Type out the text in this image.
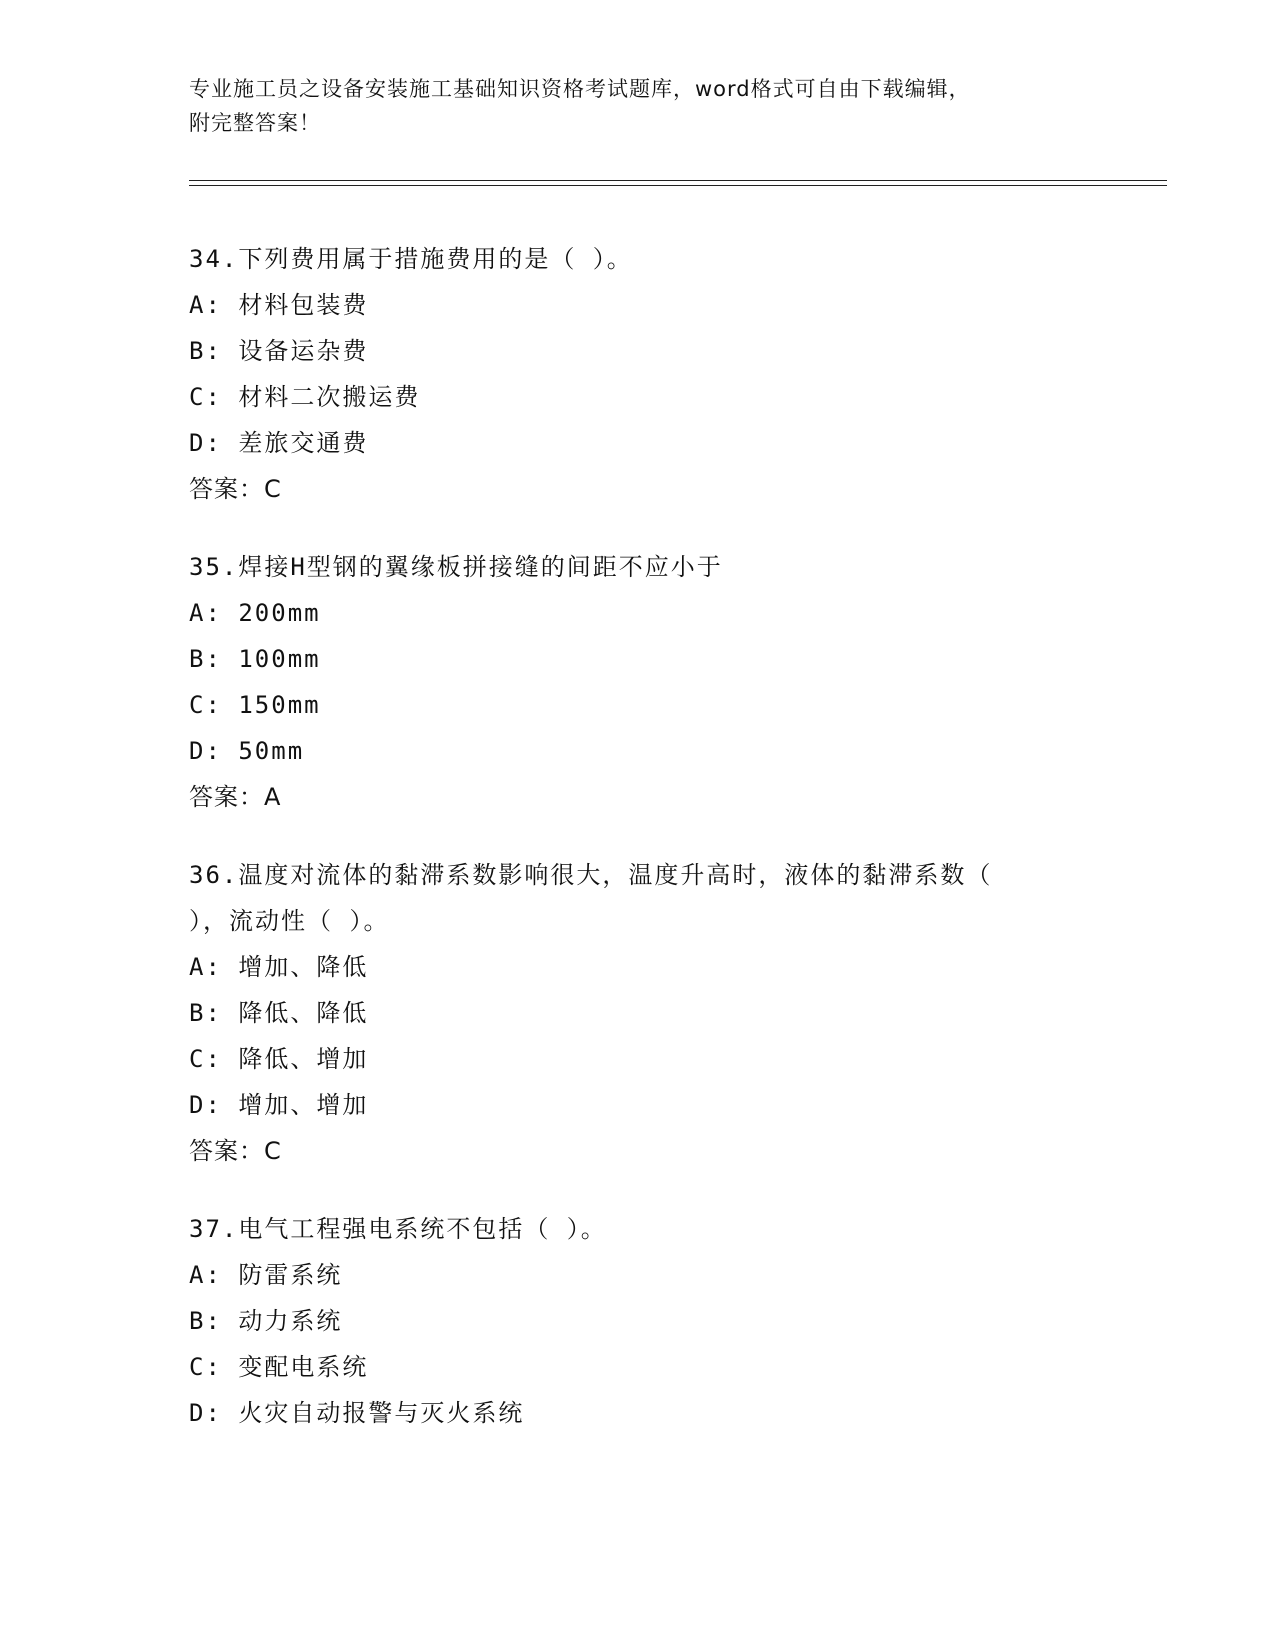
专业施工员之设备安装施工基础知识资格考试题库，word格式可自由下载编辑，
附完整答案！
34.下列费用属于措施费用的是（ ）。
A: 材料包装费
B: 设备运杂费
C: 材料二次搬运费
D: 差旅交通费
答案：C
35.焊接H型钢的翼缘板拼接缝的间距不应小于
A: 200mm
B: 100mm
C: 150mm
D: 50mm
答案：A
36.温度对流体的黏滞系数影响很大，温度升高时，液体的黏滞系数（
），流动性（ ）。
A: 增加、降低
B: 降低、降低
C: 降低、增加
D: 增加、增加
答案：C
37.电气工程强电系统不包括（ ）。
A: 防雷系统
B: 动力系统
C: 变配电系统
D: 火灾自动报警与灭火系统
